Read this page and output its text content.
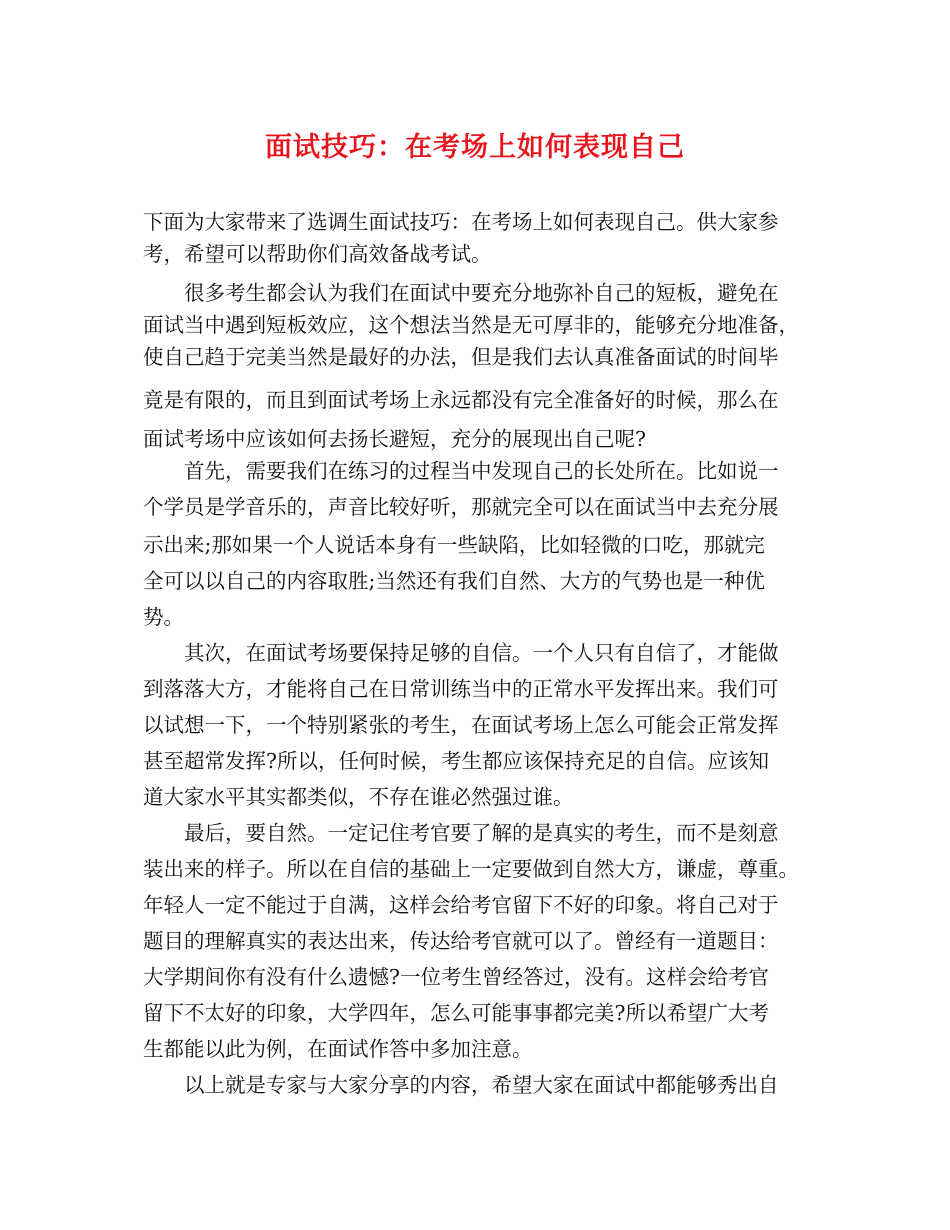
面试技巧：在考场上如何表现自己
下面为大家带来了选调生面试技巧：在考场上如何表现自己。供大家参
考，希望可以帮助你们高效备战考试。
　　很多考生都会认为我们在面试中要充分地弥补自己的短板，避免在
面试当中遇到短板效应，这个想法当然是无可厚非的，能够充分地准备，
使自己趋于完美当然是最好的办法，但是我们去认真准备面试的时间毕
竟是有限的，而且到面试考场上永远都没有完全准备好的时候，那么在
面试考场中应该如何去扬长避短，充分的展现出自己呢?
　　首先，需要我们在练习的过程当中发现自己的长处所在。比如说一
个学员是学音乐的，声音比较好听，那就完全可以在面试当中去充分展
示出来;那如果一个人说话本身有一些缺陷，比如轻微的口吃，那就完
全可以以自己的内容取胜;当然还有我们自然、大方的气势也是一种优
势。
　　其次，在面试考场要保持足够的自信。一个人只有自信了，才能做
到落落大方，才能将自己在日常训练当中的正常水平发挥出来。我们可
以试想一下，一个特别紧张的考生，在面试考场上怎么可能会正常发挥
甚至超常发挥?所以，任何时候，考生都应该保持充足的自信。应该知
道大家水平其实都类似，不存在谁必然强过谁。
　　最后，要自然。一定记住考官要了解的是真实的考生，而不是刻意
装出来的样子。所以在自信的基础上一定要做到自然大方，谦虚，尊重。
年轻人一定不能过于自满，这样会给考官留下不好的印象。将自己对于
题目的理解真实的表达出来，传达给考官就可以了。曾经有一道题目：
大学期间你有没有什么遗憾?一位考生曾经答过，没有。这样会给考官
留下不太好的印象，大学四年，怎么可能事事都完美?所以希望广大考
生都能以此为例，在面试作答中多加注意。
　　以上就是专家与大家分享的内容，希望大家在面试中都能够秀出自
